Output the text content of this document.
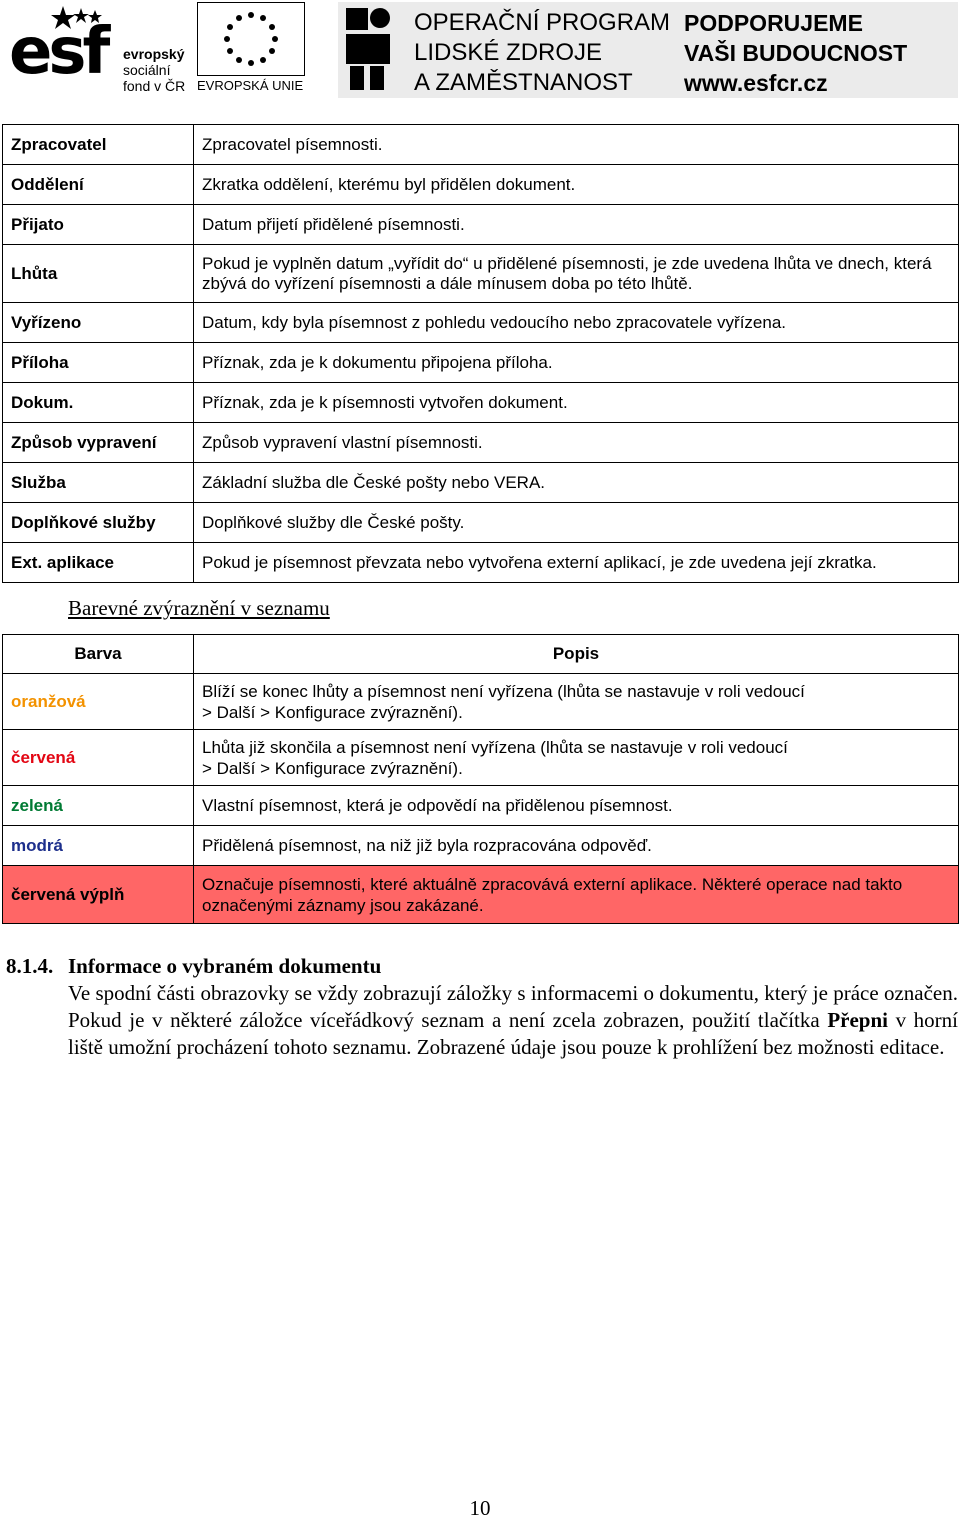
esf evropský
sociální
fond v ČR EVROPSKÁ UNIE
OPERAČNÍ PROGRAM
LIDSKÉ ZDROJE
A ZAMĚSTNANOST
PODPORUJEME
VAŠI BUDOUCNOST
www.esfcr.cz
Zpracovatel	Zpracovatel písemnosti.
Oddělení	Zkratka oddělení, kterému byl přidělen dokument.
Přijato	Datum přijetí přidělené písemnosti.
Lhůta	Pokud je vyplněn datum „vyřídit do“ u přidělené písemnosti, je zde uvedena lhůta ve dnech, která zbývá do vyřízení písemnosti a dále mínusem doba po této lhůtě.
Vyřízeno	Datum, kdy byla písemnost z pohledu vedoucího nebo zpracovatele vyřízena.
Příloha	Příznak, zda je k dokumentu připojena příloha.
Dokum.	Příznak, zda je k písemnosti vytvořen dokument.
Způsob vypravení	Způsob vypravení vlastní písemnosti.
Služba	Základní služba dle České pošty nebo VERA.
Doplňkové služby	Doplňkové služby dle České pošty.
Ext. aplikace	Pokud je písemnost převzata nebo vytvořena externí aplikací, je zde uvedena její zkratka.
Barevné zvýraznění v seznamu
Barva	Popis
oranžová	Blíží se konec lhůty a písemnost není vyřízena (lhůta se nastavuje v roli vedoucí
> Další > Konfigurace zvýraznění).

červená	Lhůta již skončila a písemnost není vyřízena (lhůta se nastavuje v roli vedoucí
> Další > Konfigurace zvýraznění).

zelená	Vlastní písemnost, která je odpovědí na přidělenou písemnost.

modrá	Přidělená písemnost, na niž již byla rozpracována odpověď.

červená výplň	Označuje písemnosti, které aktuálně zpracovává externí aplikace. Některé operace nad takto
označenými záznamy jsou zakázané.
8.1.4. Informace o vybraném dokumentu
Ve spodní části obrazovky se vždy zobrazují záložky s informacemi o dokumentu, který je práce označen. Pokud je v některé záložce víceřádkový seznam a není zcela zobrazen, použití tlačítka Přepni v horní liště umožní procházení tohoto seznamu. Zobrazené údaje jsou pouze k prohlížení bez možnosti editace.
10
